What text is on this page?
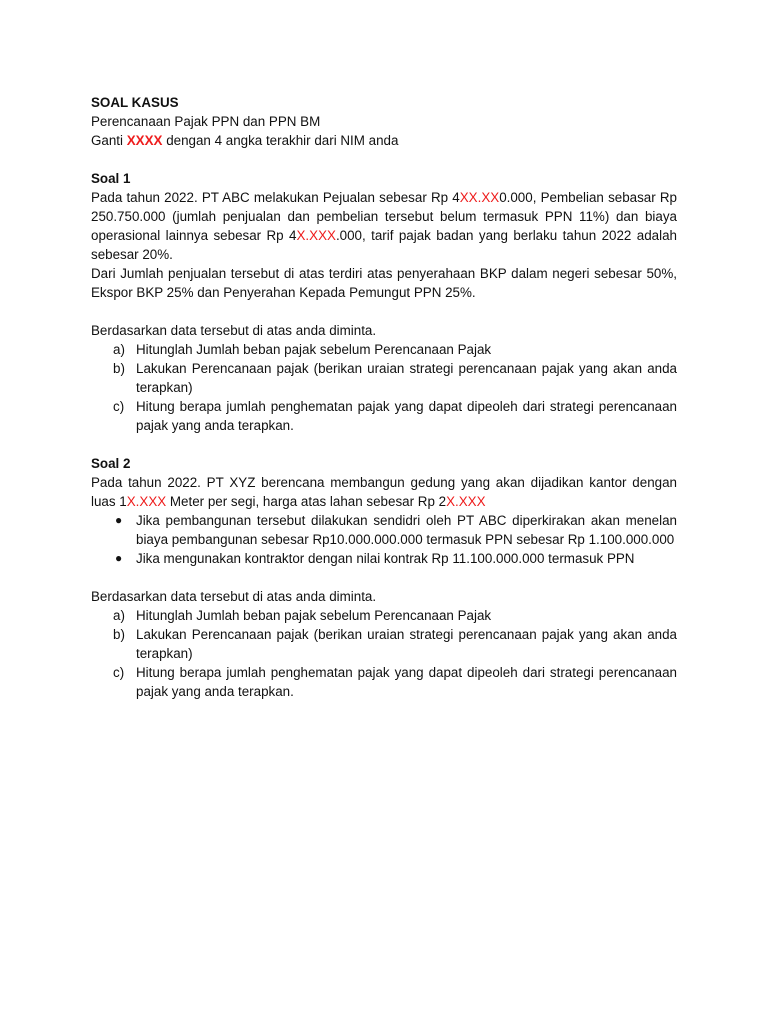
SOAL KASUS

Perencanaan Pajak PPN dan PPN BM

Ganti XXXX dengan 4 angka terakhir dari NIM anda

Soal 1

Pada tahun 2022. PT ABC melakukan Pejualan sebesar Rp 4XX.XX0.000, Pembelian sebasar Rp 250.750.000 (jumlah penjualan dan pembelian tersebut belum termasuk PPN 11%) dan biaya operasional lainnya sebesar Rp 4X.XXX.000, tarif pajak badan yang berlaku tahun 2022 adalah sebesar 20%.

Dari Jumlah penjualan tersebut di atas terdiri atas penyerahaan BKP dalam negeri sebesar 50%, Ekspor BKP 25% dan Penyerahan Kepada Pemungut PPN 25%.

Berdasarkan data tersebut di atas anda diminta.

a) Hitunglah Jumlah beban pajak sebelum Perencanaan Pajak
b) Lakukan Perencanaan pajak (berikan uraian strategi perencanaan pajak yang akan anda terapkan)
c) Hitung berapa jumlah penghematan pajak yang dapat dipeoleh dari strategi perencanaan pajak yang anda terapkan.

Soal 2

Pada tahun 2022. PT XYZ berencana membangun gedung yang akan dijadikan kantor dengan luas 1X.XXX Meter per segi, harga atas lahan sebesar Rp 2X.XXX

● Jika pembangunan tersebut dilakukan sendidri oleh PT ABC diperkirakan akan menelan biaya pembangunan sebesar Rp10.000.000.000 termasuk PPN sebesar Rp 1.100.000.000
● Jika mengunakan kontraktor dengan nilai kontrak Rp 11.100.000.000 termasuk PPN

Berdasarkan data tersebut di atas anda diminta.

a) Hitunglah Jumlah beban pajak sebelum Perencanaan Pajak
b) Lakukan Perencanaan pajak (berikan uraian strategi perencanaan pajak yang akan anda terapkan)
c) Hitung berapa jumlah penghematan pajak yang dapat dipeoleh dari strategi perencanaan pajak yang anda terapkan.
